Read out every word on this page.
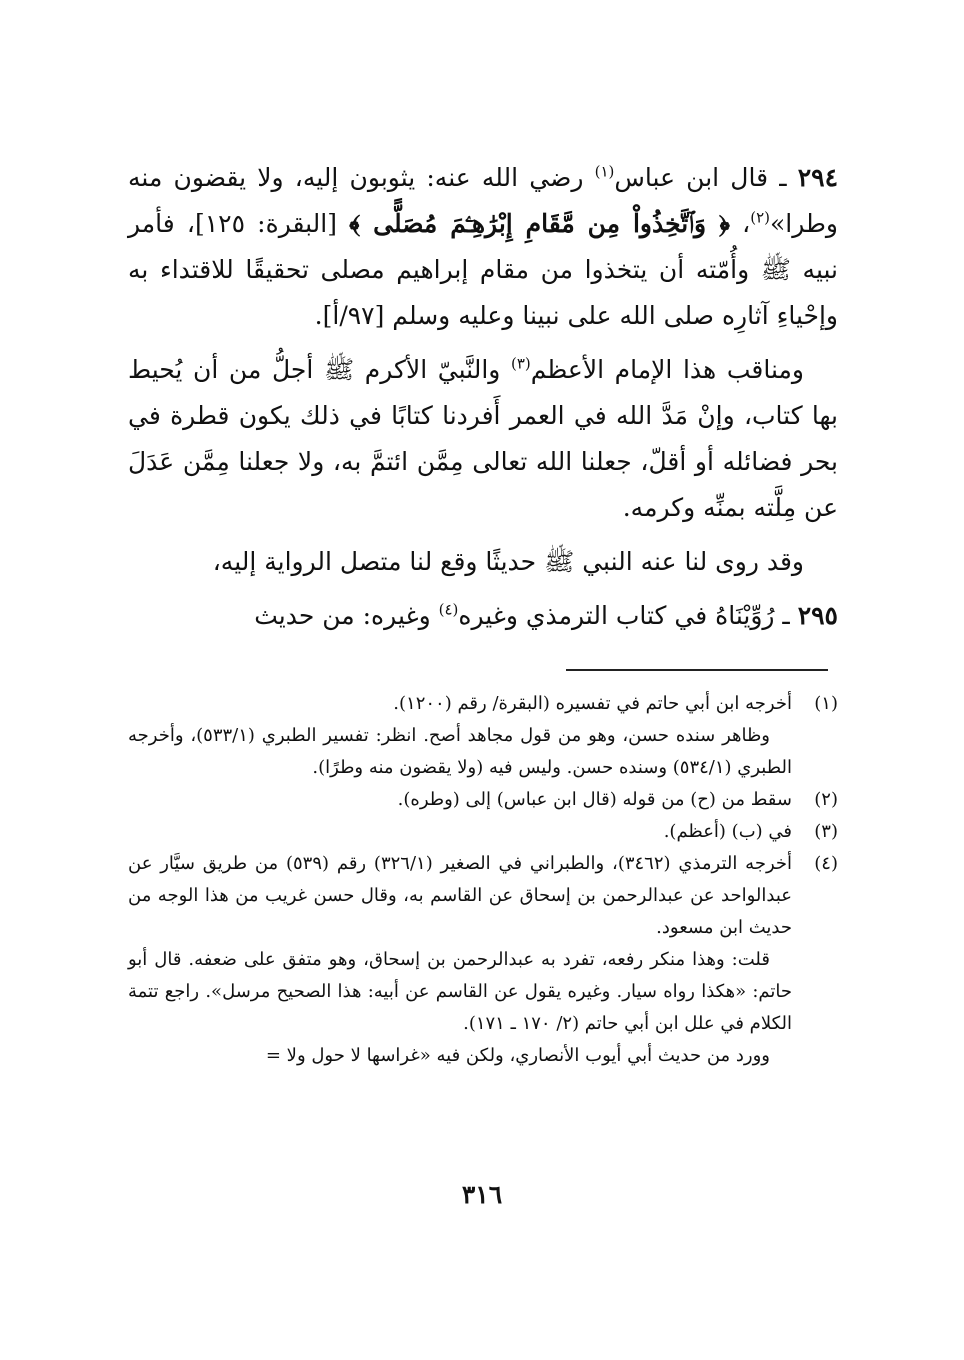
٢٩٤ ـ قال ابن عباس$^{(١)}$ رضي الله عنه: يثوبون إليه، ولا يقضون منه وطرا»$^{(٢)}$، ﴿ وَٱتَّخِذُواْ مِن مَّقَامِ إِبْرَٰهِـۧمَ مُصَلًّى ﴾ [البقرة: ١٢٥]، فأمر نبيه ﷺ وأُمّته أن يتخذوا من مقام إبراهيم مصلى تحقيقًا للاقتداء به وإحْياءِ آثارِه صلى الله على نبينا وعليه وسلم [٩٧/أ].

ومناقب هذا الإمام الأعظم$^{(٣)}$ والنَّبيّ الأكرم ﷺ أجلُّ من أن يُحيط بها كتاب، وإنْ مَدَّ الله في العمر أَفردنا كتابًا في ذلك يكون قطرة في بحر فضائله أو أقلّ، جعلنا الله تعالى مِمَّن ائتمَّ به، ولا جعلنا مِمَّن عَدَلَ عن مِلَّته بمنِّه وكرمه.

وقد روى لنا عنه النبي ﷺ حديثًا وقع لنا متصل الرواية إليه،

٢٩٥ ـ رُوِّيْنَاهُ في كتاب الترمذي وغيره$^{(٤)}$ وغيره: من حديث

(١)

أخرجه ابن أبي حاتم في تفسيره (البقرة/ رقم (١٢٠٠).

وظاهر سنده حسن، وهو من قول مجاهد أصح. انظر: تفسير الطبري (٥٣٣/١)، وأخرجه الطبري (٥٣٤/١) وسنده حسن. وليس فيه (ولا يقضون منه وطرًا).

(٢)

سقط من (ح) من قوله (قال ابن عباس) إلى (وطره).

(٣)

في (ب) (أعظم).

(٤)

أخرجه الترمذي (٣٤٦٢)، والطبراني في الصغير (٣٢٦/١) رقم (٥٣٩) من طريق سيَّار عن عبدالواحد عن عبدالرحمن بن إسحاق عن القاسم به، وقال حسن غريب من هذا الوجه من حديث ابن مسعود.

قلت: وهذا منكر رفعه، تفرد به عبدالرحمن بن إسحاق، وهو متفق على ضعفه. قال أبو حاتم: «هكذا رواه سيار. وغيره يقول عن القاسم عن أبيه: هذا الصحيح مرسل». راجع تتمة الكلام في علل ابن أبي حاتم (٢/ ١٧٠ ـ ١٧١).

وورد من حديث أبي أيوب الأنصاري، ولكن فيه «غراسها لا حول ولا =

٣١٦
